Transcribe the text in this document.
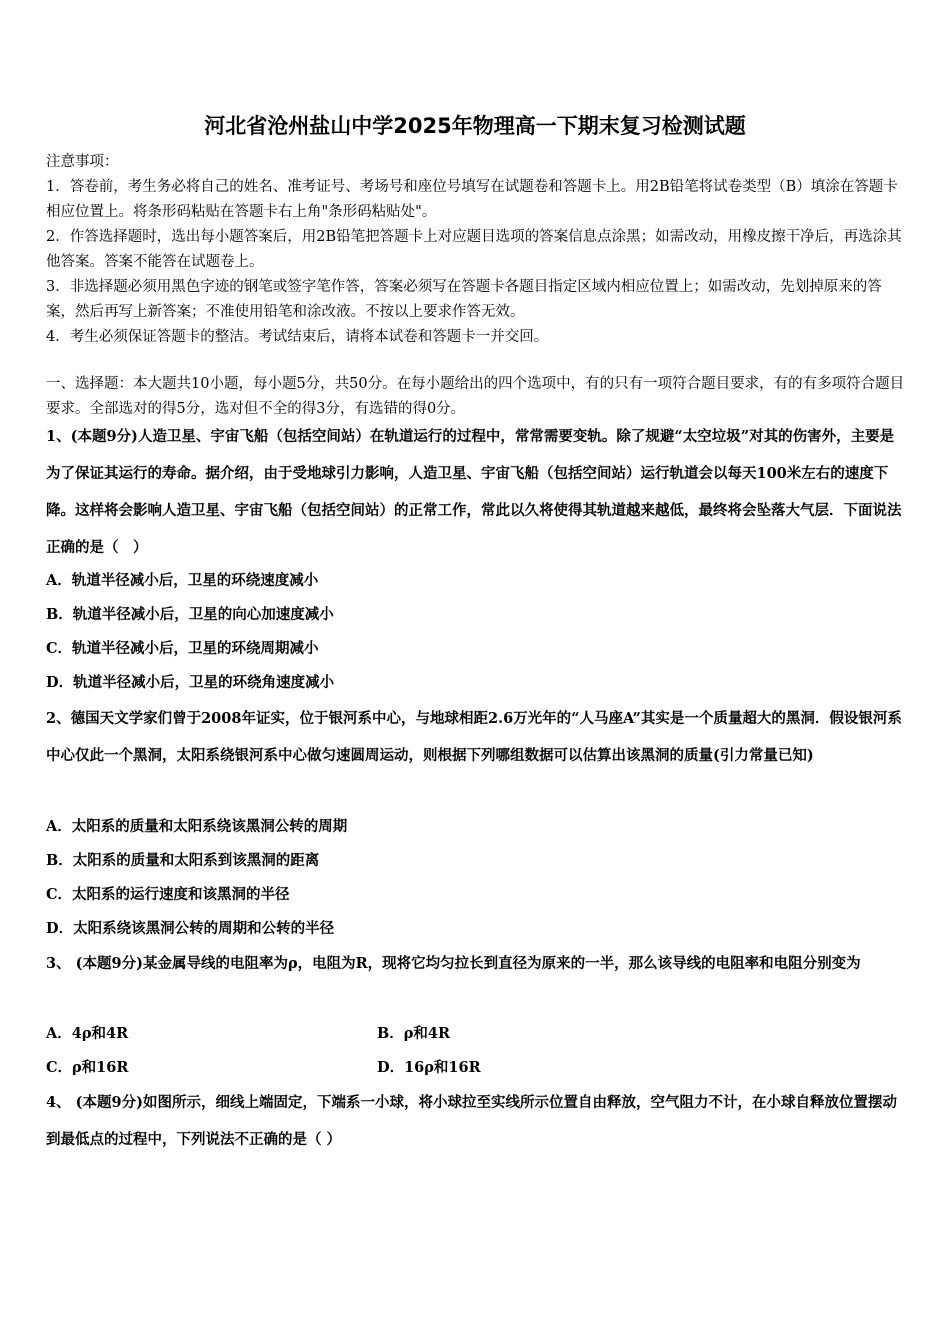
河北省沧州盐山中学2025年物理高一下期末复习检测试题

注意事项：

1．答卷前，考生务必将自己的姓名、准考证号、考场号和座位号填写在试题卷和答题卡上。用2B铅笔将试卷类型（B）填涂在答题卡相应位置上。将条形码粘贴在答题卡右上角"条形码粘贴处"。

2．作答选择题时，选出每小题答案后，用2B铅笔把答题卡上对应题目选项的答案信息点涂黑；如需改动，用橡皮擦干净后，再选涂其他答案。答案不能答在试题卷上。

3．非选择题必须用黑色字迹的钢笔或签字笔作答，答案必须写在答题卡各题目指定区域内相应位置上；如需改动，先划掉原来的答案，然后再写上新答案；不准使用铅笔和涂改液。不按以上要求作答无效。

4．考生必须保证答题卡的整洁。考试结束后，请将本试卷和答题卡一并交回。

一、选择题：本大题共10小题，每小题5分，共50分。在每小题给出的四个选项中，有的只有一项符合题目要求，有的有多项符合题目要求。全部选对的得5分，选对但不全的得3分，有选错的得0分。

1、(本题9分)人造卫星、宇宙飞船（包括空间站）在轨道运行的过程中，常常需要变轨。除了规避“太空垃圾”对其的伤害外，主要是为了保证其运行的寿命。据介绍，由于受地球引力影响，人造卫星、宇宙飞船（包括空间站）运行轨道会以每天100米左右的速度下降。这样将会影响人造卫星、宇宙飞船（包括空间站）的正常工作，常此以久将使得其轨道越来越低，最终将会坠落大气层．下面说法正确的是（　）

A．轨道半径减小后，卫星的环绕速度减小
B．轨道半径减小后，卫星的向心加速度减小
C．轨道半径减小后，卫星的环绕周期减小
D．轨道半径减小后，卫星的环绕角速度减小

2、德国天文学家们曾于2008年证实，位于银河系中心，与地球相距2.6万光年的“人马座A”其实是一个质量超大的黑洞．假设银河系中心仅此一个黑洞，太阳系绕银河系中心做匀速圆周运动，则根据下列哪组数据可以估算出该黑洞的质量(引力常量已知)

A．太阳系的质量和太阳系绕该黑洞公转的周期
B．太阳系的质量和太阳系到该黑洞的距离
C．太阳系的运行速度和该黑洞的半径
D．太阳系绕该黑洞公转的周期和公转的半径

3、 (本题9分)某金属导线的电阻率为ρ，电阻为R，现将它均匀拉长到直径为原来的一半，那么该导线的电阻率和电阻分别变为

A．4ρ和4R	B．ρ和4R
C．ρ和16R	D．16ρ和16R

4、 (本题9分)如图所示，细线上端固定，下端系一小球，将小球拉至实线所示位置自由释放，空气阻力不计，在小球自释放位置摆动到最低点的过程中，下列说法不正确的是（ ）
